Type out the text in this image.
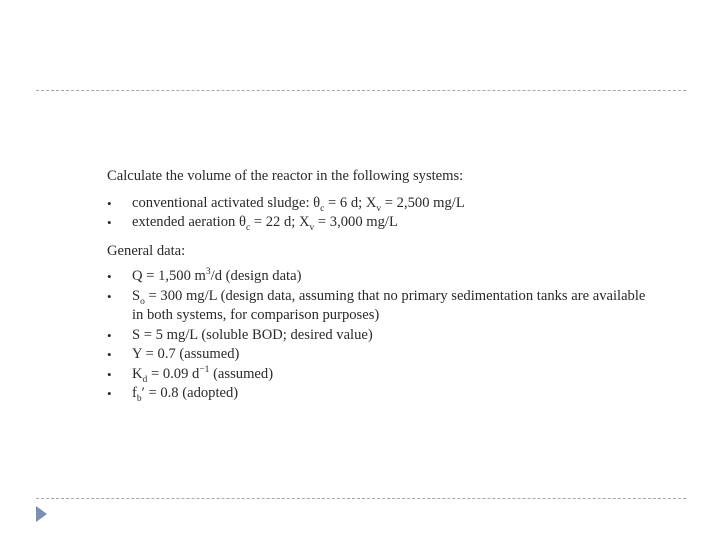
Calculate the volume of the reactor in the following systems:

•	conventional activated sludge: $\theta_c = 6$ d; $X_v = 2,500$ mg/L
•	extended aeration $\theta_c = 22$ d; $X_v = 3,000$ mg/L

General data:

•	Q = 1,500 $m^3/d$ (design data)
•	$S_o = 300$ mg/L (design data, assuming that no primary sedimentation tanks are available in both systems, for comparison purposes)
•	S = 5 mg/L (soluble BOD; desired value)
•	Y = 0.7 (assumed)
•	$K_d = 0.09$ $d^{-1}$ (assumed)
•	$f_b' = 0.8$ (adopted)
